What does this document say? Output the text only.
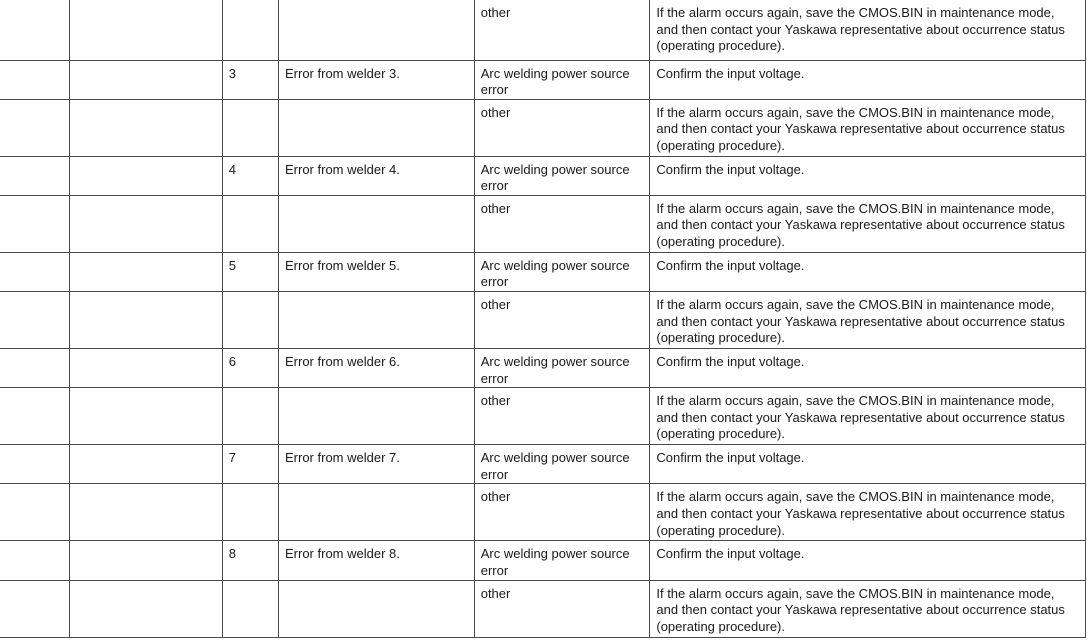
				other	If the alarm occurs again, save the CMOS.BIN in maintenance mode, and then contact your Yaskawa representative about occurrence status (operating procedure).
		3	Error from welder 3.	Arc welding power source error	Confirm the input voltage.
				other	If the alarm occurs again, save the CMOS.BIN in maintenance mode, and then contact your Yaskawa representative about occurrence status (operating procedure).
		4	Error from welder 4.	Arc welding power source error	Confirm the input voltage.
				other	If the alarm occurs again, save the CMOS.BIN in maintenance mode, and then contact your Yaskawa representative about occurrence status (operating procedure).
		5	Error from welder 5.	Arc welding power source error	Confirm the input voltage.
				other	If the alarm occurs again, save the CMOS.BIN in maintenance mode, and then contact your Yaskawa representative about occurrence status (operating procedure).
		6	Error from welder 6.	Arc welding power source error	Confirm the input voltage.
				other	If the alarm occurs again, save the CMOS.BIN in maintenance mode, and then contact your Yaskawa representative about occurrence status (operating procedure).
		7	Error from welder 7.	Arc welding power source error	Confirm the input voltage.
				other	If the alarm occurs again, save the CMOS.BIN in maintenance mode, and then contact your Yaskawa representative about occurrence status (operating procedure).
		8	Error from welder 8.	Arc welding power source error	Confirm the input voltage.
				other	If the alarm occurs again, save the CMOS.BIN in maintenance mode, and then contact your Yaskawa representative about occurrence status (operating procedure).
